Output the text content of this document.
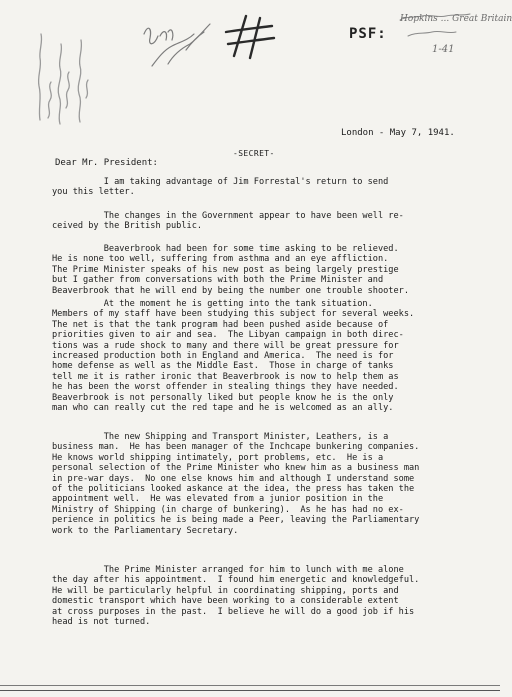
PSF:
Hopkins ... Great Britain
1-41
London - May 7, 1941.
-SECRET-
Dear Mr. President:
I am taking advantage of Jim Forrestal's return to send
you this letter.
The changes in the Government appear to have been well re-
ceived by the British public.
Beaverbrook had been for some time asking to be relieved.
He is none too well, suffering from asthma and an eye affliction.
The Prime Minister speaks of his new post as being largely prestige
but I gather from conversations with both the Prime Minister and
Beaverbrook that he will end by being the number one trouble shooter.
At the moment he is getting into the tank situation.
Members of my staff have been studying this subject for several weeks.
The net is that the tank program had been pushed aside because of
priorities given to air and sea.  The Libyan campaign in both direc-
tions was a rude shock to many and there will be great pressure for
increased production both in England and America.  The need is for
home defense as well as the Middle East.  Those in charge of tanks
tell me it is rather ironic that Beaverbrook is now to help them as
he has been the worst offender in stealing things they have needed.
Beaverbrook is not personally liked but people know he is the only
man who can really cut the red tape and he is welcomed as an ally.
The new Shipping and Transport Minister, Leathers, is a
business man.  He has been manager of the Inchcape bunkering companies.
He knows world shipping intimately, port problems, etc.  He is a
personal selection of the Prime Minister who knew him as a business man
in pre-war days.  No one else knows him and although I understand some
of the politicians looked askance at the idea, the press has taken the
appointment well.  He was elevated from a junior position in the
Ministry of Shipping (in charge of bunkering).  As he has had no ex-
perience in politics he is being made a Peer, leaving the Parliamentary
work to the Parliamentary Secretary.
The Prime Minister arranged for him to lunch with me alone
the day after his appointment.  I found him energetic and knowledgeful.
He will be particularly helpful in coordinating shipping, ports and
domestic transport which have been working to a considerable extent
at cross purposes in the past.  I believe he will do a good job if his
head is not turned.
